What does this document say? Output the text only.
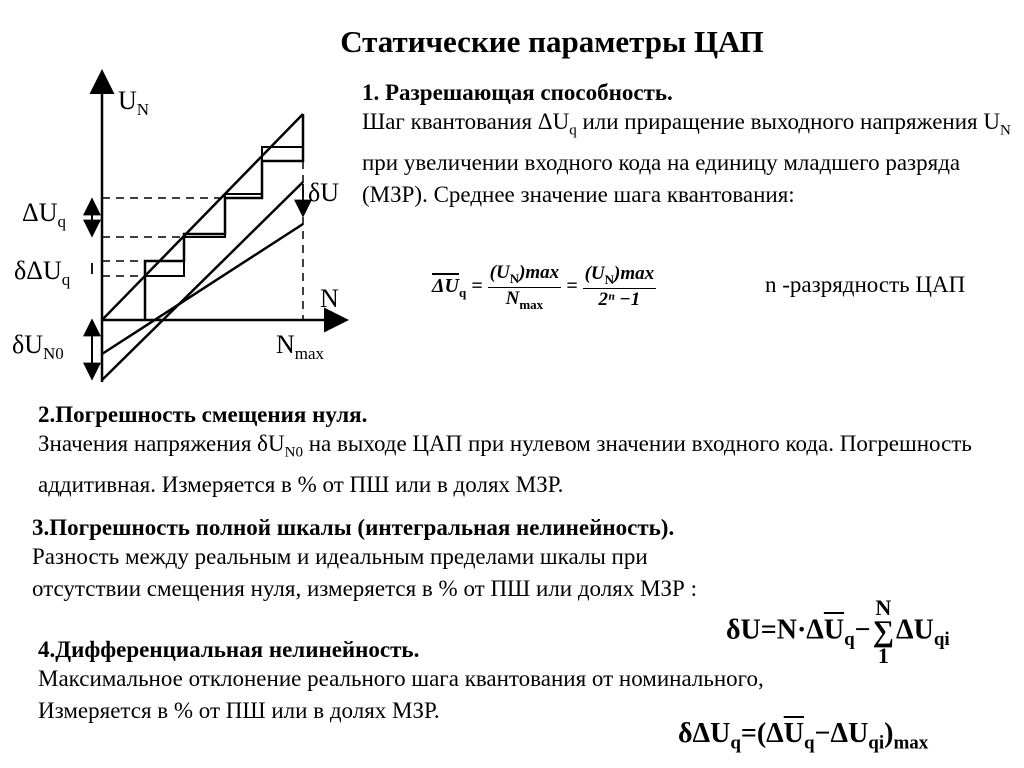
Статические параметры ЦАП
$U_N$
N
$N_{max}$
$\Delta U_q$
δΔU$_q$
$\delta U_{N0}$
δU
1. Разрешающая способность.
Шаг квантования $\Delta U_q$ или приращение выходного напряжения $U_N$ при увеличении входного кода на единицу младшего разряда (МЗР). Среднее значение шага квантования:
$\overline{\Delta U}_q = \frac{(U_N)\max}{N_{max}} = \frac{(U_N)\max}{\text{2ⁿ −1}}$	n -разрядность ЦАП
2.Погрешность смещения нуля.
Значения напряжения $\delta U_{N0}$ на выходе ЦАП при нулевом значении входного кода. Погрешность аддитивная. Измеряется в % от ПШ или в долях МЗР.
3.Погрешность полной шкалы (интегральная нелинейность).
Разность между реальным и идеальным пределами шкалы при отсутствии смещения нуля, измеряется в % от ПШ или долях МЗР :
$\delta U=N\cdot\Delta\overline{U}_q-$
N
∑
1
$\Delta U_{qi}$
4.Дифференциальная нелинейность.
Максимальное отклонение реального шага квантования от номинального,
Измеряется в % от ПШ или в долях МЗР.
$\delta\Delta U_q=(\Delta\overline{U}_q-\Delta U_{qi})_{max}$
